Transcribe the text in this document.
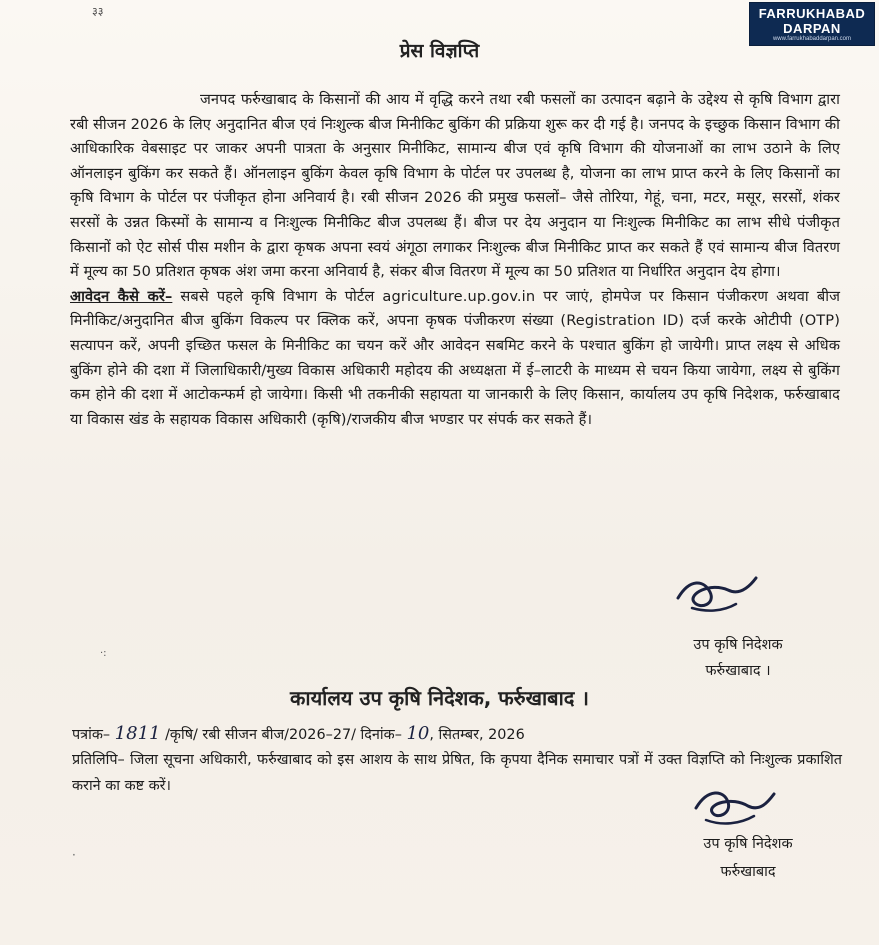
३३	FARRUKHABAD
DARPAN
www.farrukhabaddarpan.com
प्रेस विज्ञप्ति

जनपद फर्रुखाबाद के किसानों की आय में वृद्धि करने तथा रबी फसलों का उत्पादन बढ़ाने के उद्देश्य से कृषि विभाग द्वारा रबी सीजन 2026 के लिए अनुदानित बीज एवं निःशुल्क बीज मिनीकिट बुकिंग की प्रक्रिया शुरू कर दी गई है। जनपद के इच्छुक किसान विभाग की आधिकारिक वेबसाइट पर जाकर अपनी पात्रता के अनुसार मिनीकिट, सामान्य बीज एवं कृषि विभाग की योजनाओं का लाभ उठाने के लिए ऑनलाइन बुकिंग कर सकते हैं। ऑनलाइन बुकिंग केवल कृषि विभाग के पोर्टल पर उपलब्ध है, योजना का लाभ प्राप्त करने के लिए किसानों का कृषि विभाग के पोर्टल पर पंजीकृत होना अनिवार्य है। रबी सीजन 2026 की प्रमुख फसलों– जैसे तोरिया, गेहूं, चना, मटर, मसूर, सरसों, शंकर सरसों के उन्नत किस्मों के सामान्य व निःशुल्क मिनीकिट बीज उपलब्ध हैं। बीज पर देय अनुदान या निःशुल्क मिनीकिट का लाभ सीधे पंजीकृत किसानों को ऐट सोर्स पीस मशीन के द्वारा कृषक अपना स्वयं अंगूठा लगाकर निःशुल्क बीज मिनीकिट प्राप्त कर सकते हैं एवं सामान्य बीज वितरण में मूल्य का 50 प्रतिशत कृषक अंश जमा करना अनिवार्य है, संकर बीज वितरण में मूल्य का 50 प्रतिशत या निर्धारित अनुदान देय होगा।

आवेदन कैसे करें– सबसे पहले कृषि विभाग के पोर्टल agriculture.up.gov.in पर जाएं, होमपेज पर किसान पंजीकरण अथवा बीज मिनीकिट/अनुदानित बीज बुकिंग विकल्प पर क्लिक करें, अपना कृषक पंजीकरण संख्या (Registration ID) दर्ज करके ओटीपी (OTP) सत्यापन करें, अपनी इच्छित फसल के मिनीकिट का चयन करें और आवेदन सबमिट करने के पश्चात बुकिंग हो जायेगी। प्राप्त लक्ष्य से अधिक बुकिंग होने की दशा में जिलाधिकारी/मुख्य विकास अधिकारी महोदय की अध्यक्षता में ई–लाटरी के माध्यम से चयन किया जायेगा, लक्ष्य से बुकिंग कम होने की दशा में आटोकन्फर्म हो जायेगा। किसी भी तकनीकी सहायता या जानकारी के लिए किसान, कार्यालय उप कृषि निदेशक, फर्रुखाबाद या विकास खंड के सहायक विकास अधिकारी (कृषि)/राजकीय बीज भण्डार पर संपर्क कर सकते हैं।

उप कृषि निदेशक
फर्रुखाबाद ।
·:
कार्यालय उप कृषि निदेशक, फर्रुखाबाद ।
पत्रांक– 1811 /कृषि/ रबी सीजन बीज/2026–27/ दिनांक– 10, सितम्बर, 2026
प्रतिलिपि– जिला सूचना अधिकारी, फर्रुखाबाद को इस आशय के साथ प्रेषित, कि कृपया दैनिक समाचार पत्रों में उक्त विज्ञप्ति को निःशुल्क प्रकाशित कराने का कष्ट करें।
उप कृषि निदेशक
फर्रुखाबाद
·
